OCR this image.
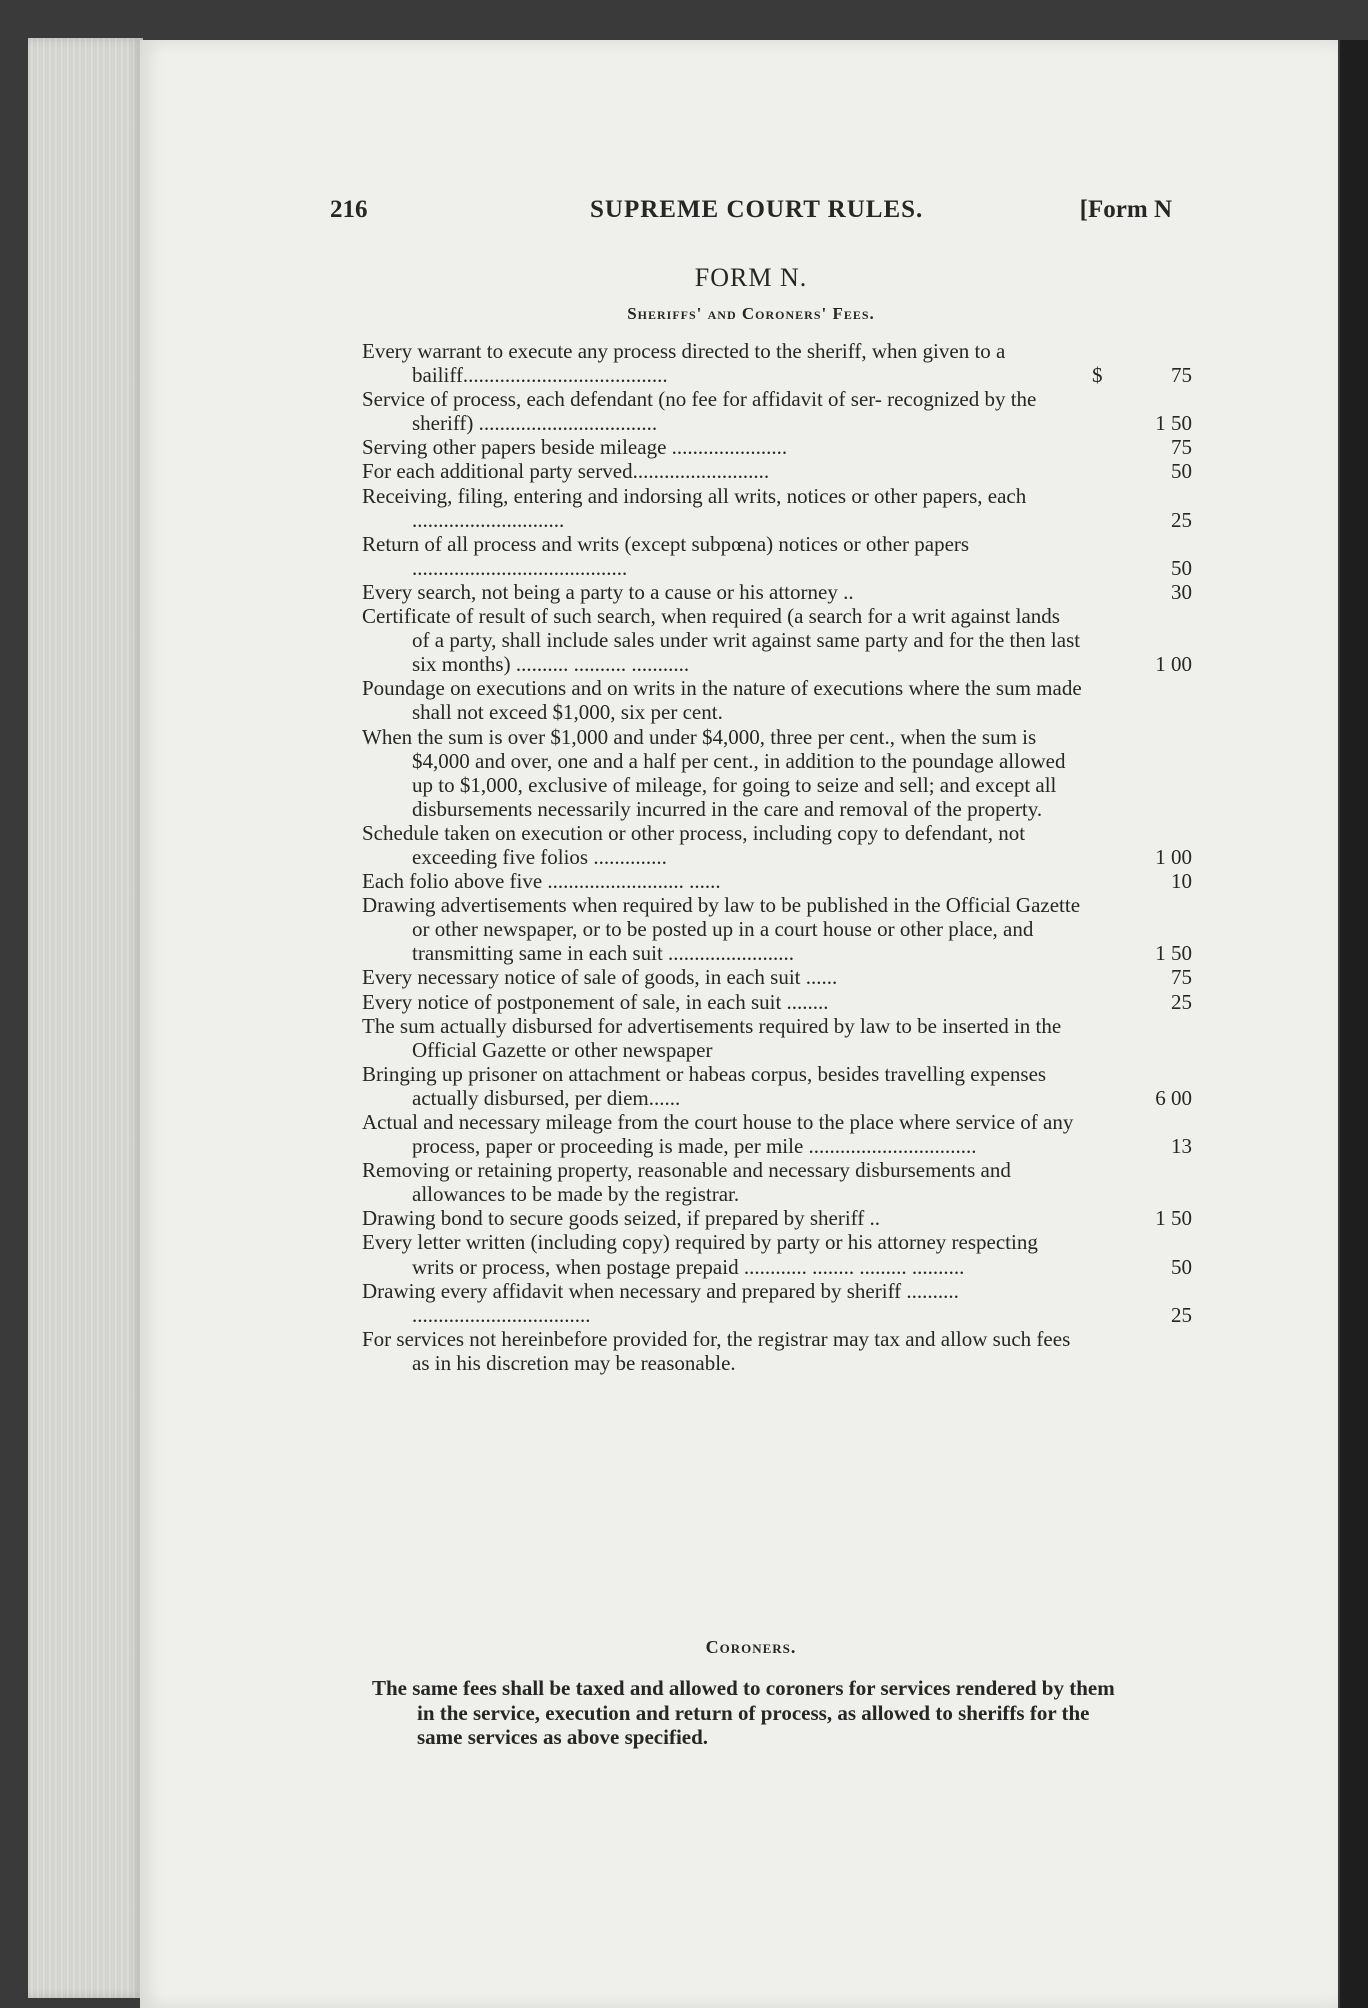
216	SUPREME COURT RULES.	[Form N
FORM N.
Sheriffs' and Coroners' Fees.
Every warrant to execute any process directed to the sheriff, when given to a bailiff.......................................	$	75
Service of process, each defendant (no fee for affidavit of ser- recognized by the sheriff) ..................................	1 50
Serving other papers beside mileage ......................	75
For each additional party served..........................	50
Receiving, filing, entering and indorsing all writs, notices or other papers, each .............................	25
Return of all process and writs (except subpœna) notices or other papers .........................................	50
Every search, not being a party to a cause or his attorney ..	30
Certificate of result of such search, when required (a search for a writ against lands of a party, shall include sales under writ against same party and for the then last six months) .......... .......... ...........	1 00
Poundage on executions and on writs in the nature of executions where the sum made shall not exceed $1,000, six per cent.
When the sum is over $1,000 and under $4,000, three per cent., when the sum is $4,000 and over, one and a half per cent., in addition to the poundage allowed up to $1,000, exclusive of mileage, for going to seize and sell; and except all disbursements necessarily incurred in the care and removal of the property.
Schedule taken on execution or other process, including copy to defendant, not exceeding five folios ..............	1 00
Each folio above five .......................... ......	10
Drawing advertisements when required by law to be published in the Official Gazette or other newspaper, or to be posted up in a court house or other place, and transmitting same in each suit ........................	1 50
Every necessary notice of sale of goods, in each suit ......	75
Every notice of postponement of sale, in each suit ........	25
The sum actually disbursed for advertisements required by law to be inserted in the Official Gazette or other newspaper
Bringing up prisoner on attachment or habeas corpus, besides travelling expenses actually disbursed, per diem......	6 00
Actual and necessary mileage from the court house to the place where service of any process, paper or proceeding is made, per mile ................................	13
Removing or retaining property, reasonable and necessary disbursements and allowances to be made by the registrar.
Drawing bond to secure goods seized, if prepared by sheriff ..	1 50
Every letter written (including copy) required by party or his attorney respecting writs or process, when postage prepaid ............ ........ ......... ..........	50
Drawing every affidavit when necessary and prepared by sheriff .......... ..................................	25
For services not hereinbefore provided for, the registrar may tax and allow such fees as in his discretion may be reasonable.
Coroners.
The same fees shall be taxed and allowed to coroners for services rendered by them in the service, execution and return of process, as allowed to sheriffs for the same services as above specified.
